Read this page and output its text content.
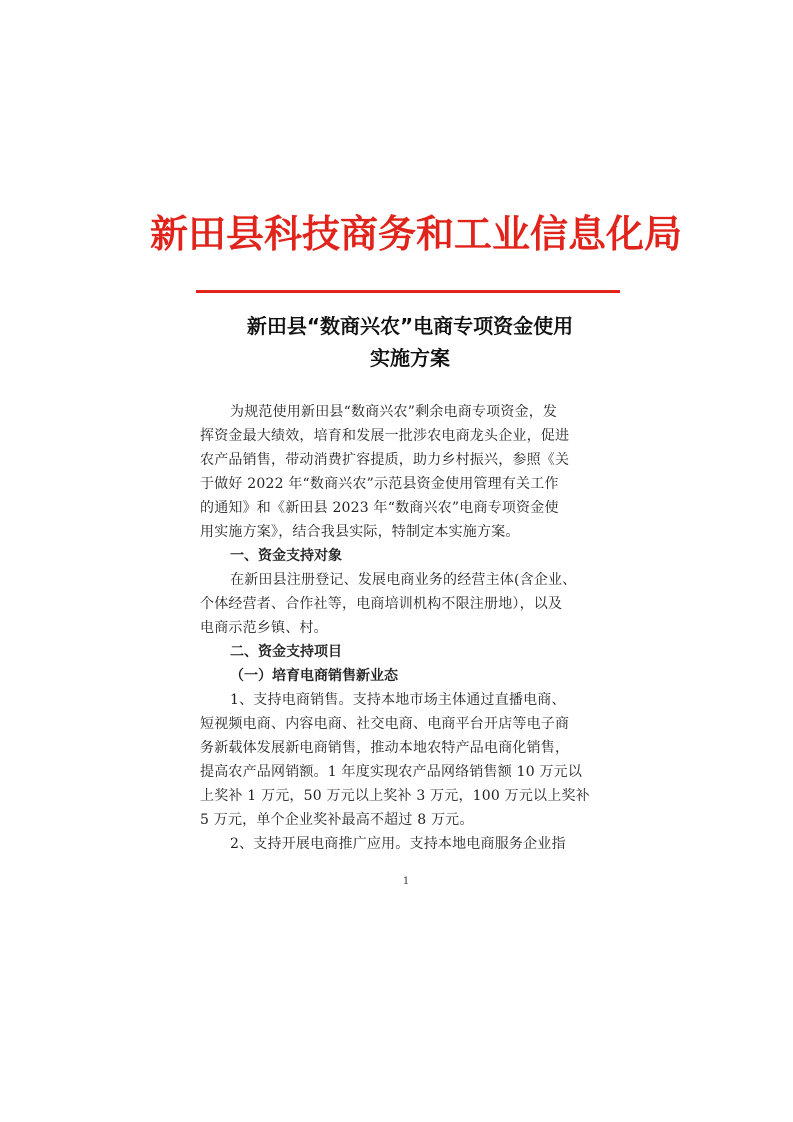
新田县科技商务和工业信息化局
新田县“数商兴农”电商专项资金使用
实施方案
为规范使用新田县“数商兴农”剩余电商专项资金，发
挥资金最大绩效，培育和发展一批涉农电商龙头企业，促进
农产品销售，带动消费扩容提质，助力乡村振兴，参照《关
于做好 2022 年“数商兴农”示范县资金使用管理有关工作
的通知》和《新田县 2023 年“数商兴农”电商专项资金使
用实施方案》，结合我县实际，特制定本实施方案。
一、资金支持对象
在新田县注册登记、发展电商业务的经营主体(含企业、
个体经营者、合作社等，电商培训机构不限注册地），以及
电商示范乡镇、村。
二、资金支持项目
（一）培育电商销售新业态
1、支持电商销售。支持本地市场主体通过直播电商、
短视频电商、内容电商、社交电商、电商平台开店等电子商
务新载体发展新电商销售，推动本地农特产品电商化销售，
提高农产品网销额。1 年度实现农产品网络销售额 10 万元以
上奖补 1 万元，50 万元以上奖补 3 万元，100 万元以上奖补
5 万元，单个企业奖补最高不超过 8 万元。
2、支持开展电商推广应用。支持本地电商服务企业指
1
